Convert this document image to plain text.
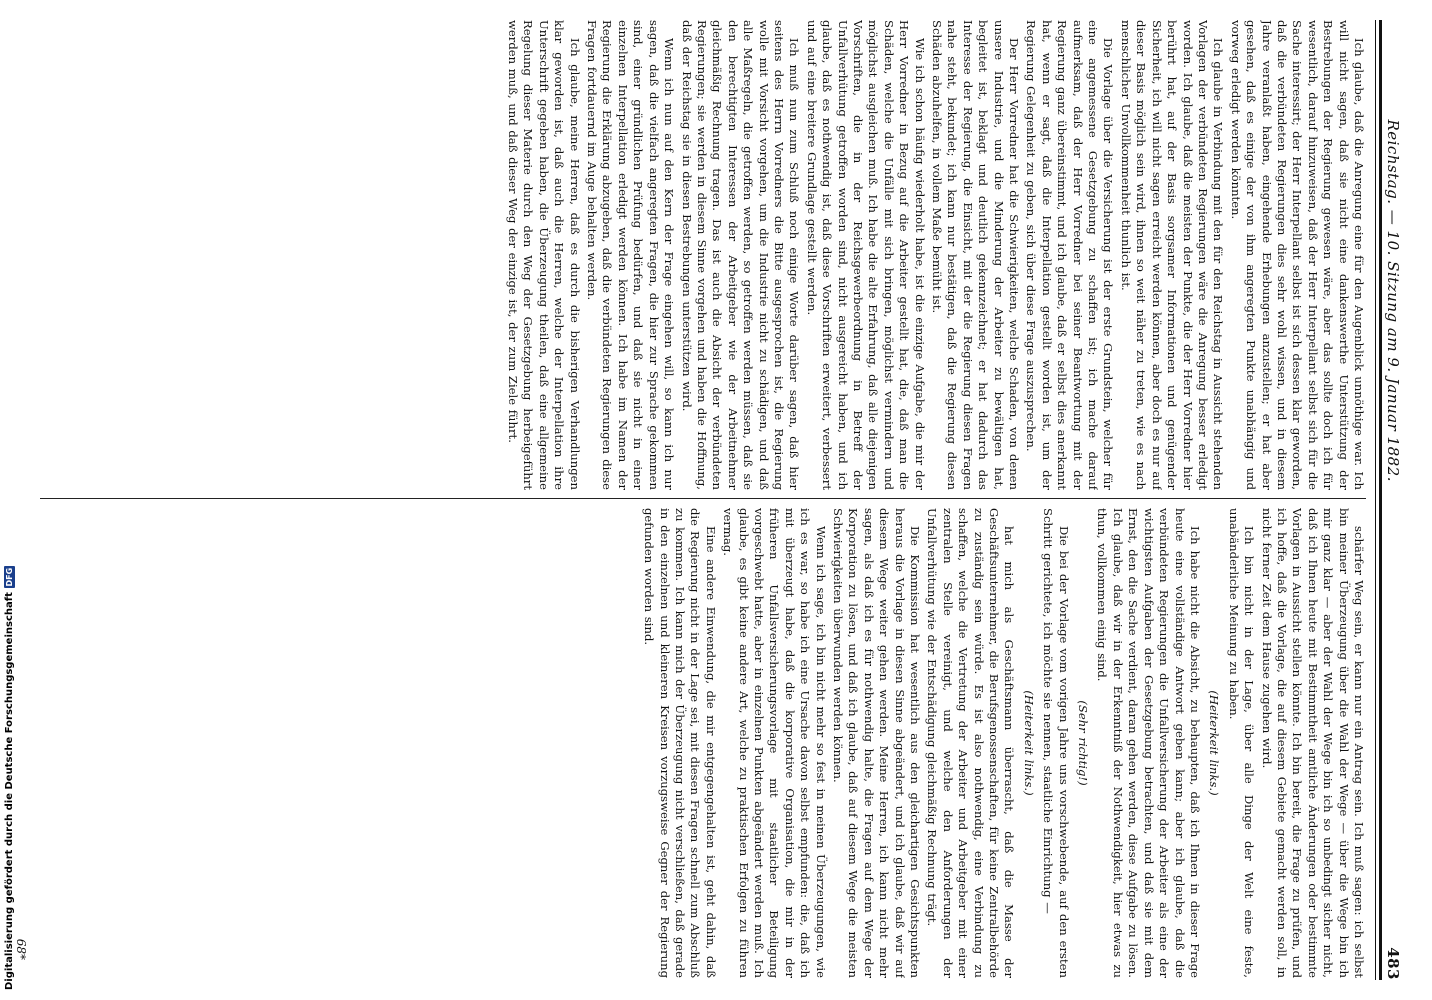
Reichstag. — 10. Sitzung am 9. Januar 1882.
483

Ich glaube, daß die Anregung eine für den Augenblick unnöthige war. Ich will nicht sagen, daß sie nicht eine dankenswerthe Unterstützung der Bestrebungen der Regierung gewesen wäre, aber das sollte doch ich für wesentlich, darauf hinzuweisen, daß der Herr Interpellant selbst sich für die Sache interessirt; der Herr Interpellant selbst ist sich dessen klar geworden, daß die verbündeten Regierungen dies sehr wohl wissen, und in diesem Jahre veranlaßt haben, eingehende Erhebungen anzustellen; er hat aber gesehen, daß es einige der von ihm angeregten Punkte unabhängig und vorweg erledigt werden könnten.

Ich glaube in Verbindung mit den für den Reichstag in Aussicht stehenden Vorlagen der verbündeten Regierungen wäre die Anregung besser erledigt worden. Ich glaube, daß die meisten der Punkte, die der Herr Vorredner hier berührt hat, auf der Basis sorgsamer Informationen und genügender Sicherheit, ich will nicht sagen erreicht werden können, aber doch es nur auf dieser Basis möglich sein wird, ihnen so weit näher zu treten, wie es nach menschlicher Unvollkommenheit thunlich ist.

Die Vorlage über die Versicherung ist der erste Grundstein, welcher für eine angemessene Gesetzgebung zu schaffen ist; ich mache darauf aufmerksam, daß der Herr Vorredner bei seiner Beantwortung mit der Regierung ganz übereinstimmt, und ich glaube, daß er selbst dies anerkannt hat, wenn er sagt, daß die Interpellation gestellt worden ist, um der Regierung Gelegenheit zu geben, sich über diese Frage auszusprechen.

Der Herr Vorredner hat die Schwierigkeiten, welche Schaden, von denen unsere Industrie, und die Minderung der Arbeiter zu bewältigen hat, begleitet ist, beklagt und deutlich gekennzeichnet; er hat dadurch das Interesse der Regierung, die Einsicht, mit der die Regierung diesen Fragen nahe steht, bekundet; ich kann nur bestätigen, daß die Regierung diesen Schäden abzuhelfen, in vollem Maße bemüht ist.

Wie ich schon häufig wiederholt habe, ist die einzige Aufgabe, die mir der Herr Vorredner in Bezug auf die Arbeiter gestellt hat, die, daß man die Schäden, welche die Unfälle mit sich bringen, möglichst vermindern und möglichst ausgleichen muß. Ich habe die alte Erfahrung, daß alle diejenigen Vorschriften, die in der Reichsgewerbeordnung in Betreff der Unfallverhütung getroffen worden sind, nicht ausgereicht haben, und ich glaube, daß es nothwendig ist, daß diese Vorschriften erweitert, verbessert und auf eine breitere Grundlage gestellt werden.

Ich muß nun zum Schluß noch einige Worte darüber sagen, daß hier seitens des Herrn Vorredners die Bitte ausgesprochen ist, die Regierung wolle mit Vorsicht vorgehen, um die Industrie nicht zu schädigen, und daß alle Maßregeln, die getroffen werden, so getroffen werden müssen, daß sie den berechtigten Interessen der Arbeitgeber wie der Arbeitnehmer gleichmäßig Rechnung tragen. Das ist auch die Absicht der verbündeten Regierungen; sie werden in diesem Sinne vorgehen und haben die Hoffnung, daß der Reichstag sie in diesen Bestrebungen unterstützen wird.

Wenn ich nun auf den Kern der Frage eingehen will, so kann ich nur sagen, daß die vielfach angeregten Fragen, die hier zur Sprache gekommen sind, einer gründlichen Prüfung bedürfen, und daß sie nicht in einer einzelnen Interpellation erledigt werden können. Ich habe im Namen der Regierung die Erklärung abzugeben, daß die verbündeten Regierungen diese Fragen fortdauernd im Auge behalten werden.

Ich glaube, meine Herren, daß es durch die bisherigen Verhandlungen klar geworden ist, daß auch die Herren, welche der Interpellation ihre Unterschrift gegeben haben, die Überzeugung theilen, daß eine allgemeine Regelung dieser Materie durch den Weg der Gesetzgebung herbeigeführt werden muß, und daß dieser Weg der einzige ist, der zum Ziele führt.

schärfer Weg sein, er kann nur ein Antrag sein. Ich muß sagen: ich selbst bin meiner Überzeugung über die Wahl der Wege — über die Wege bin ich mir ganz klar — aber der Wahl der Wege bin ich so unbedingt sicher nicht, daß ich Ihnen heute mit Bestimmtheit amtliche Änderungen oder bestimmte Vorlagen in Aussicht stellen könnte. Ich bin bereit, die Frage zu prüfen, und ich hoffe, daß die Vorlage, die auf diesem Gebiete gemacht werden soll, in nicht ferner Zeit dem Hause zugehen wird.

Ich bin nicht in der Lage, über alle Dinge der Welt eine feste, unabänderliche Meinung zu haben.

(Heiterkeit links.)

Ich habe nicht die Absicht, zu behaupten, daß ich Ihnen in dieser Frage heute eine vollständige Antwort geben kann; aber ich glaube, daß die verbündeten Regierungen die Unfallversicherung der Arbeiter als eine der wichtigsten Aufgaben der Gesetzgebung betrachten, und daß sie mit dem Ernst, den die Sache verdient, daran gehen werden, diese Aufgabe zu lösen. Ich glaube, daß wir in der Erkenntniß der Nothwendigkeit, hier etwas zu thun, vollkommen einig sind.

(Sehr richtig!)

Die bei der Vorlage vom vorigen Jahre uns vorschwebende, auf den ersten Schritt gerichtete, ich möchte sie nennen, staatliche Einrichtung —

(Heiterkeit links.)

hat mich als Geschäftsmann überrascht, daß die Masse der Geschäftsunternehmer, die Berufsgenossenschaften, für keine Zentralbehörde zu zuständig sein würde. Es ist also nothwendig, eine Verbindung zu schaffen, welche die Vertretung der Arbeiter und Arbeitgeber mit einer zentralen Stelle vereinigt, und welche den Anforderungen der Unfallverhütung wie der Entschädigung gleichmäßig Rechnung trägt.

Die Kommission hat wesentlich aus den gleichartigen Gesichtspunkten heraus die Vorlage in diesen Sinne abgeändert, und ich glaube, daß wir auf diesem Wege weiter gehen werden. Meine Herren, ich kann nicht mehr sagen, als daß ich es für nothwendig halte, die Fragen auf dem Wege der Korporation zu lösen, und daß ich glaube, daß auf diesem Wege die meisten Schwierigkeiten überwunden werden können.

Wenn ich sage, ich bin nicht mehr so fest in meinen Überzeugungen, wie ich es war, so habe ich eine Ursache davon selbst empfunden: die, daß ich mit überzeugt habe, daß die korporative Organisation, die mir in der früheren Unfallsversicherungsvorlage mit staatlicher Beteiligung vorgeschwebt hatte, aber in einzelnen Punkten abgeändert werden muß. Ich glaube, es gibt keine andere Art, welche zu praktischen Erfolgen zu führen vermag.

Eine andere Einwendung, die mir entgegengehalten ist, geht dahin, daß die Regierung nicht in der Lage sei, mit diesen Fragen schnell zum Abschluß zu kommen. Ich kann mich der Überzeugung nicht verschließen, daß gerade in den einzelnen und kleineren Kreisen vorzugsweise Gegner der Regierung gefunden worden sind.

68*
Digitalisierung gefördert durch die Deutsche Forschungsgemeinschaft
DFG
